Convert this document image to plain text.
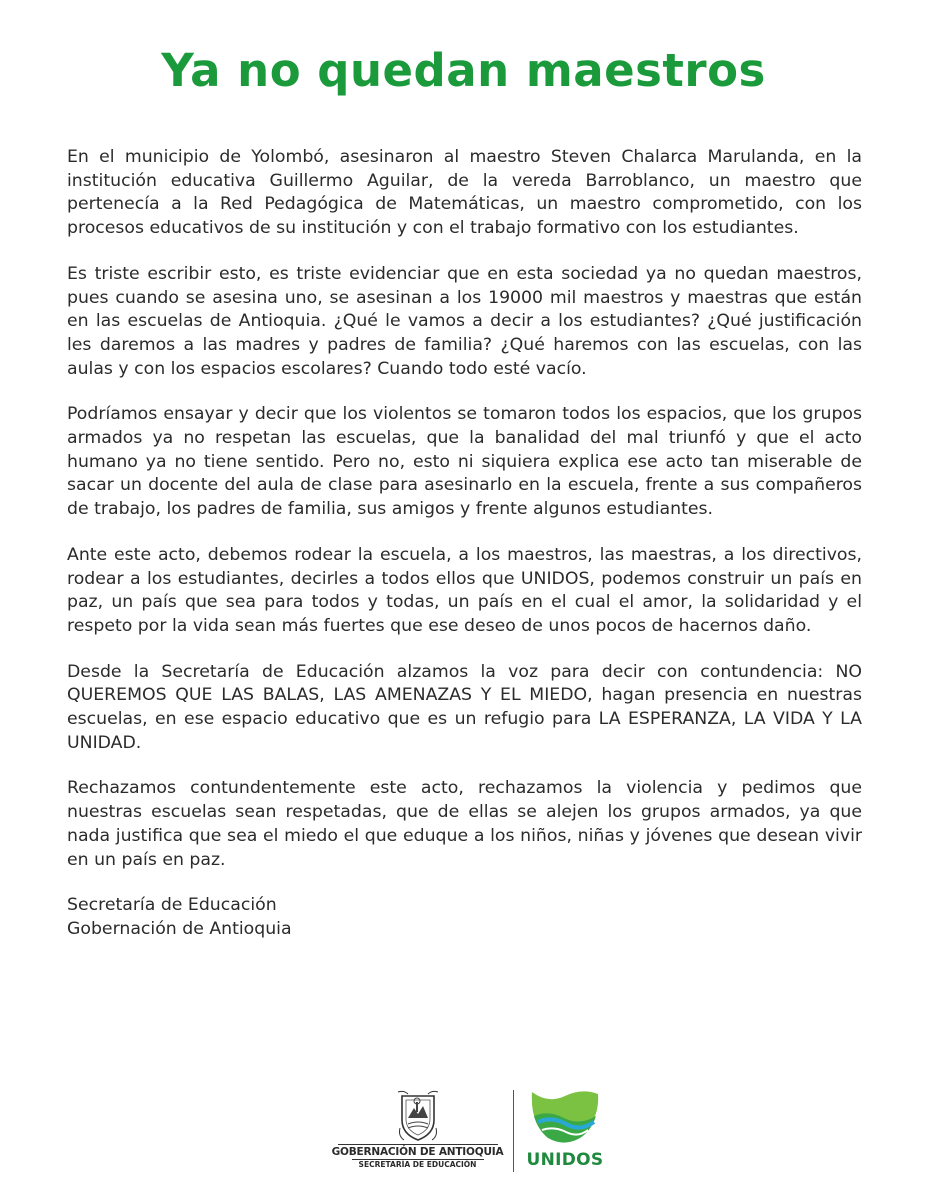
Ya no quedan maestros

En el municipio de Yolombó, asesinaron al maestro Steven Chalarca Marulanda, en la institución educativa Guillermo Aguilar, de la vereda Barroblanco, un maestro que pertenecía a la Red Pedagógica de Matemáticas, un maestro comprometido, con los procesos educativos de su institución y con el trabajo formativo con los estudiantes.

Es triste escribir esto, es triste evidenciar que en esta sociedad ya no quedan maestros, pues cuando se asesina uno, se asesinan a los 19000 mil maestros y maestras que están en las escuelas de Antioquia. ¿Qué le vamos a decir a los estudiantes? ¿Qué justificación les daremos a las madres y padres de familia? ¿Qué haremos con las escuelas, con las aulas y con los espacios escolares? Cuando todo esté vacío.

Podríamos ensayar y decir que los violentos se tomaron todos los espacios, que los grupos armados ya no respetan las escuelas, que la banalidad del mal triunfó y que el acto humano ya no tiene sentido. Pero no, esto ni siquiera explica ese acto tan miserable de sacar un docente del aula de clase para asesinarlo en la escuela, frente a sus compañeros de trabajo, los padres de familia, sus amigos y frente algunos estudiantes.

Ante este acto, debemos rodear la escuela, a los maestros, las maestras, a los directivos, rodear a los estudiantes, decirles a todos ellos que UNIDOS, podemos construir un país en paz, un país que sea para todos y todas, un país en el cual el amor, la solidaridad y el respeto por la vida sean más fuertes que ese deseo de unos pocos de hacernos daño.

Desde la Secretaría de Educación alzamos la voz para decir con contundencia: NO QUEREMOS QUE LAS BALAS, LAS AMENAZAS Y EL MIEDO, hagan presencia en nuestras escuelas, en ese espacio educativo que es un refugio para LA ESPERANZA, LA VIDA Y LA UNIDAD.

Rechazamos contundentemente este acto, rechazamos la violencia y pedimos que nuestras escuelas sean respetadas, que de ellas se alejen los grupos armados, ya que nada justifica que sea el miedo el que eduque a los niños, niñas y jóvenes que desean vivir en un país en paz.

Secretaría de Educación

Gobernación de Antioquia

GOBERNACIÓN DE ANTIOQUIA
SECRETARÍA DE EDUCACIÓN	UNIDOS
